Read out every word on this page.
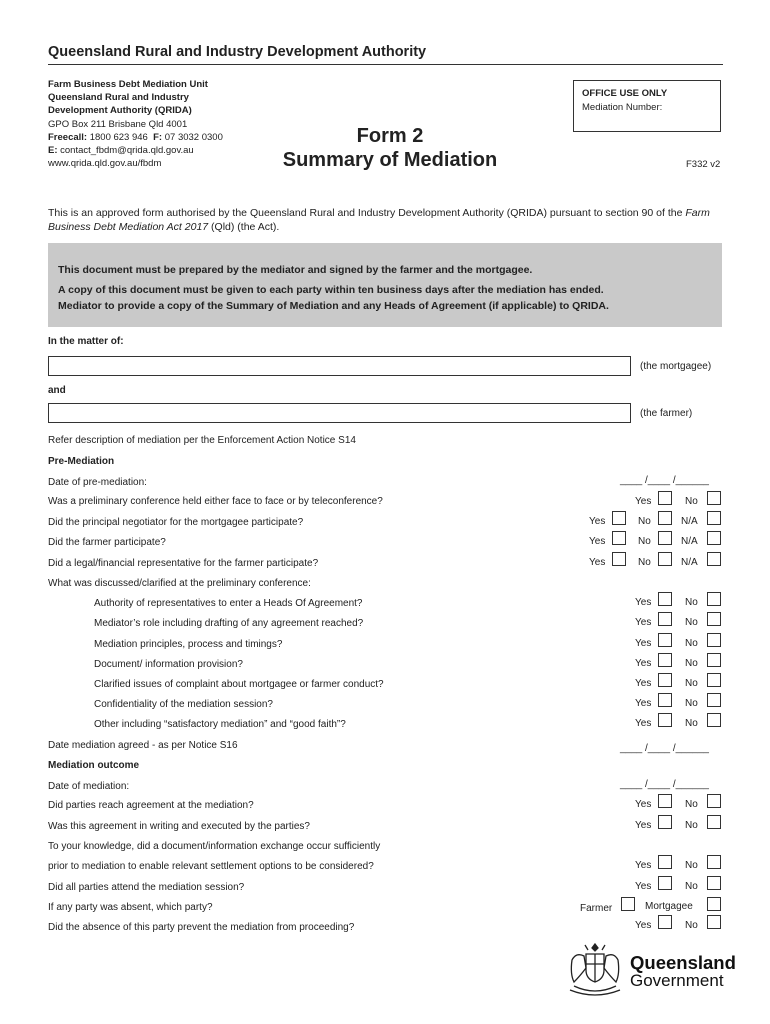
Queensland Rural and Industry Development Authority
Farm Business Debt Mediation Unit
Queensland Rural and Industry
Development Authority (QRIDA)
GPO Box 211 Brisbane Qld 4001
Freecall: 1800 623 946 F: 07 3032 0300
E: contact_fbdm@qrida.qld.gov.au
www.qrida.qld.gov.au/fbdm
OFFICE USE ONLY
Mediation Number:
Form 2
Summary of Mediation	F332 v2
This is an approved form authorised by the Queensland Rural and Industry Development Authority (QRIDA) pursuant to section 90 of the Farm Business Debt Mediation Act 2017 (Qld) (the Act).

This document must be prepared by the mediator and signed by the farmer and the mortgagee.

A copy of this document must be given to each party within ten business days after the mediation has ended.

Mediator to provide a copy of the Summary of Mediation and any Heads of Agreement (if applicable) to QRIDA.

In the matter of:
(the mortgagee)
and
(the farmer)
Refer description of mediation per the Enforcement Action Notice S14
Pre-Mediation
Date of pre-mediation:	____ /____ /______
Was a preliminary conference held either face to face or by teleconference?	Yes	No
Did the principal negotiator for the mortgagee participate?	Yes	No	N/A
Did the farmer participate?	Yes	No	N/A
Did a legal/financial representative for the farmer participate?	Yes	No	N/A
What was discussed/clarified at the preliminary conference:
Authority of representatives to enter a Heads Of Agreement?	Yes	No
Mediator’s role including drafting of any agreement reached?	Yes	No
Mediation principles, process and timings?	Yes	No
Document/ information provision?	Yes	No
Clarified issues of complaint about mortgagee or farmer conduct?	Yes	No
Confidentiality of the mediation session?	Yes	No
Other including “satisfactory mediation” and “good faith”?	Yes	No
Date mediation agreed - as per Notice S16	____ /____ /______
Mediation outcome
Date of mediation:	____ /____ /______
Did parties reach agreement at the mediation?	Yes	No
Was this agreement in writing and executed by the parties?	Yes	No
To your knowledge, did a document/information exchange occur sufficiently
prior to mediation to enable relevant settlement options to be considered?	Yes	No
Did all parties attend the mediation session?	Yes	No
If any party was absent, which party?	Farmer	Mortgagee
Did the absence of this party prevent the mediation from proceeding?	Yes	No
Queensland
Government
